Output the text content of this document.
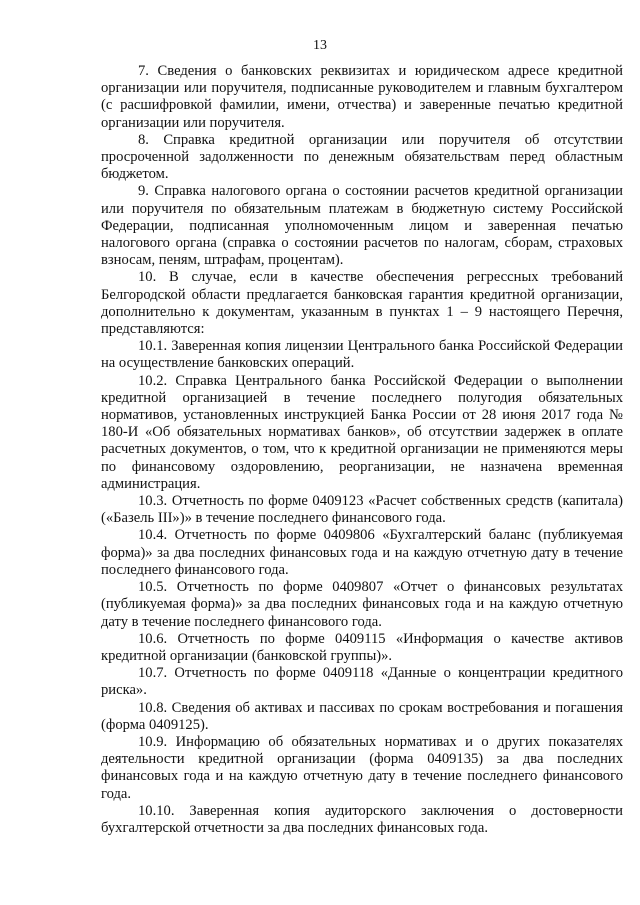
13

7. Сведения о банковских реквизитах и юридическом адресе кредитной организации или поручителя, подписанные руководителем и главным бухгалтером (с расшифровкой фамилии, имени, отчества) и заверенные печатью кредитной организации или поручителя.

8. Справка кредитной организации или поручителя об отсутствии просроченной задолженности по денежным обязательствам перед областным бюджетом.

9. Справка налогового органа о состоянии расчетов кредитной организации или поручителя по обязательным платежам в бюджетную систему Российской Федерации, подписанная уполномоченным лицом и заверенная печатью налогового органа (справка о состоянии расчетов по налогам, сборам, страховых взносам, пеням, штрафам, процентам).

10. В случае, если в качестве обеспечения регрессных требований Белгородской области предлагается банковская гарантия кредитной организации, дополнительно к документам, указанным в пунктах 1 – 9 настоящего Перечня, представляются:

10.1. Заверенная копия лицензии Центрального банка Российской Федерации на осуществление банковских операций.

10.2. Справка Центрального банка Российской Федерации о выполнении кредитной организацией в течение последнего полугодия обязательных нормативов, установленных инструкцией Банка России от 28 июня 2017 года № 180-И «Об обязательных нормативах банков», об отсутствии задержек в оплате расчетных документов, о том, что к кредитной организации не применяются меры по финансовому оздоровлению, реорганизации, не назначена временная администрация.

10.3. Отчетность по форме 0409123 «Расчет собственных средств (капитала) («Базель III»)» в течение последнего финансового года.

10.4. Отчетность по форме 0409806 «Бухгалтерский баланс (публикуемая форма)» за два последних финансовых года и на каждую отчетную дату в течение последнего финансового года.

10.5. Отчетность по форме 0409807 «Отчет о финансовых результатах (публикуемая форма)» за два последних финансовых года и на каждую отчетную дату в течение последнего финансового года.

10.6. Отчетность по форме 0409115 «Информация о качестве активов кредитной организации (банковской группы)».

10.7. Отчетность по форме 0409118 «Данные о концентрации кредитного риска».

10.8. Сведения об активах и пассивах по срокам востребования и погашения (форма 0409125).

10.9. Информацию об обязательных нормативах и о других показателях деятельности кредитной организации (форма 0409135) за два последних финансовых года и на каждую отчетную дату в течение последнего финансового года.

10.10. Заверенная копия аудиторского заключения о достоверности бухгалтерской отчетности за два последних финансовых года.
